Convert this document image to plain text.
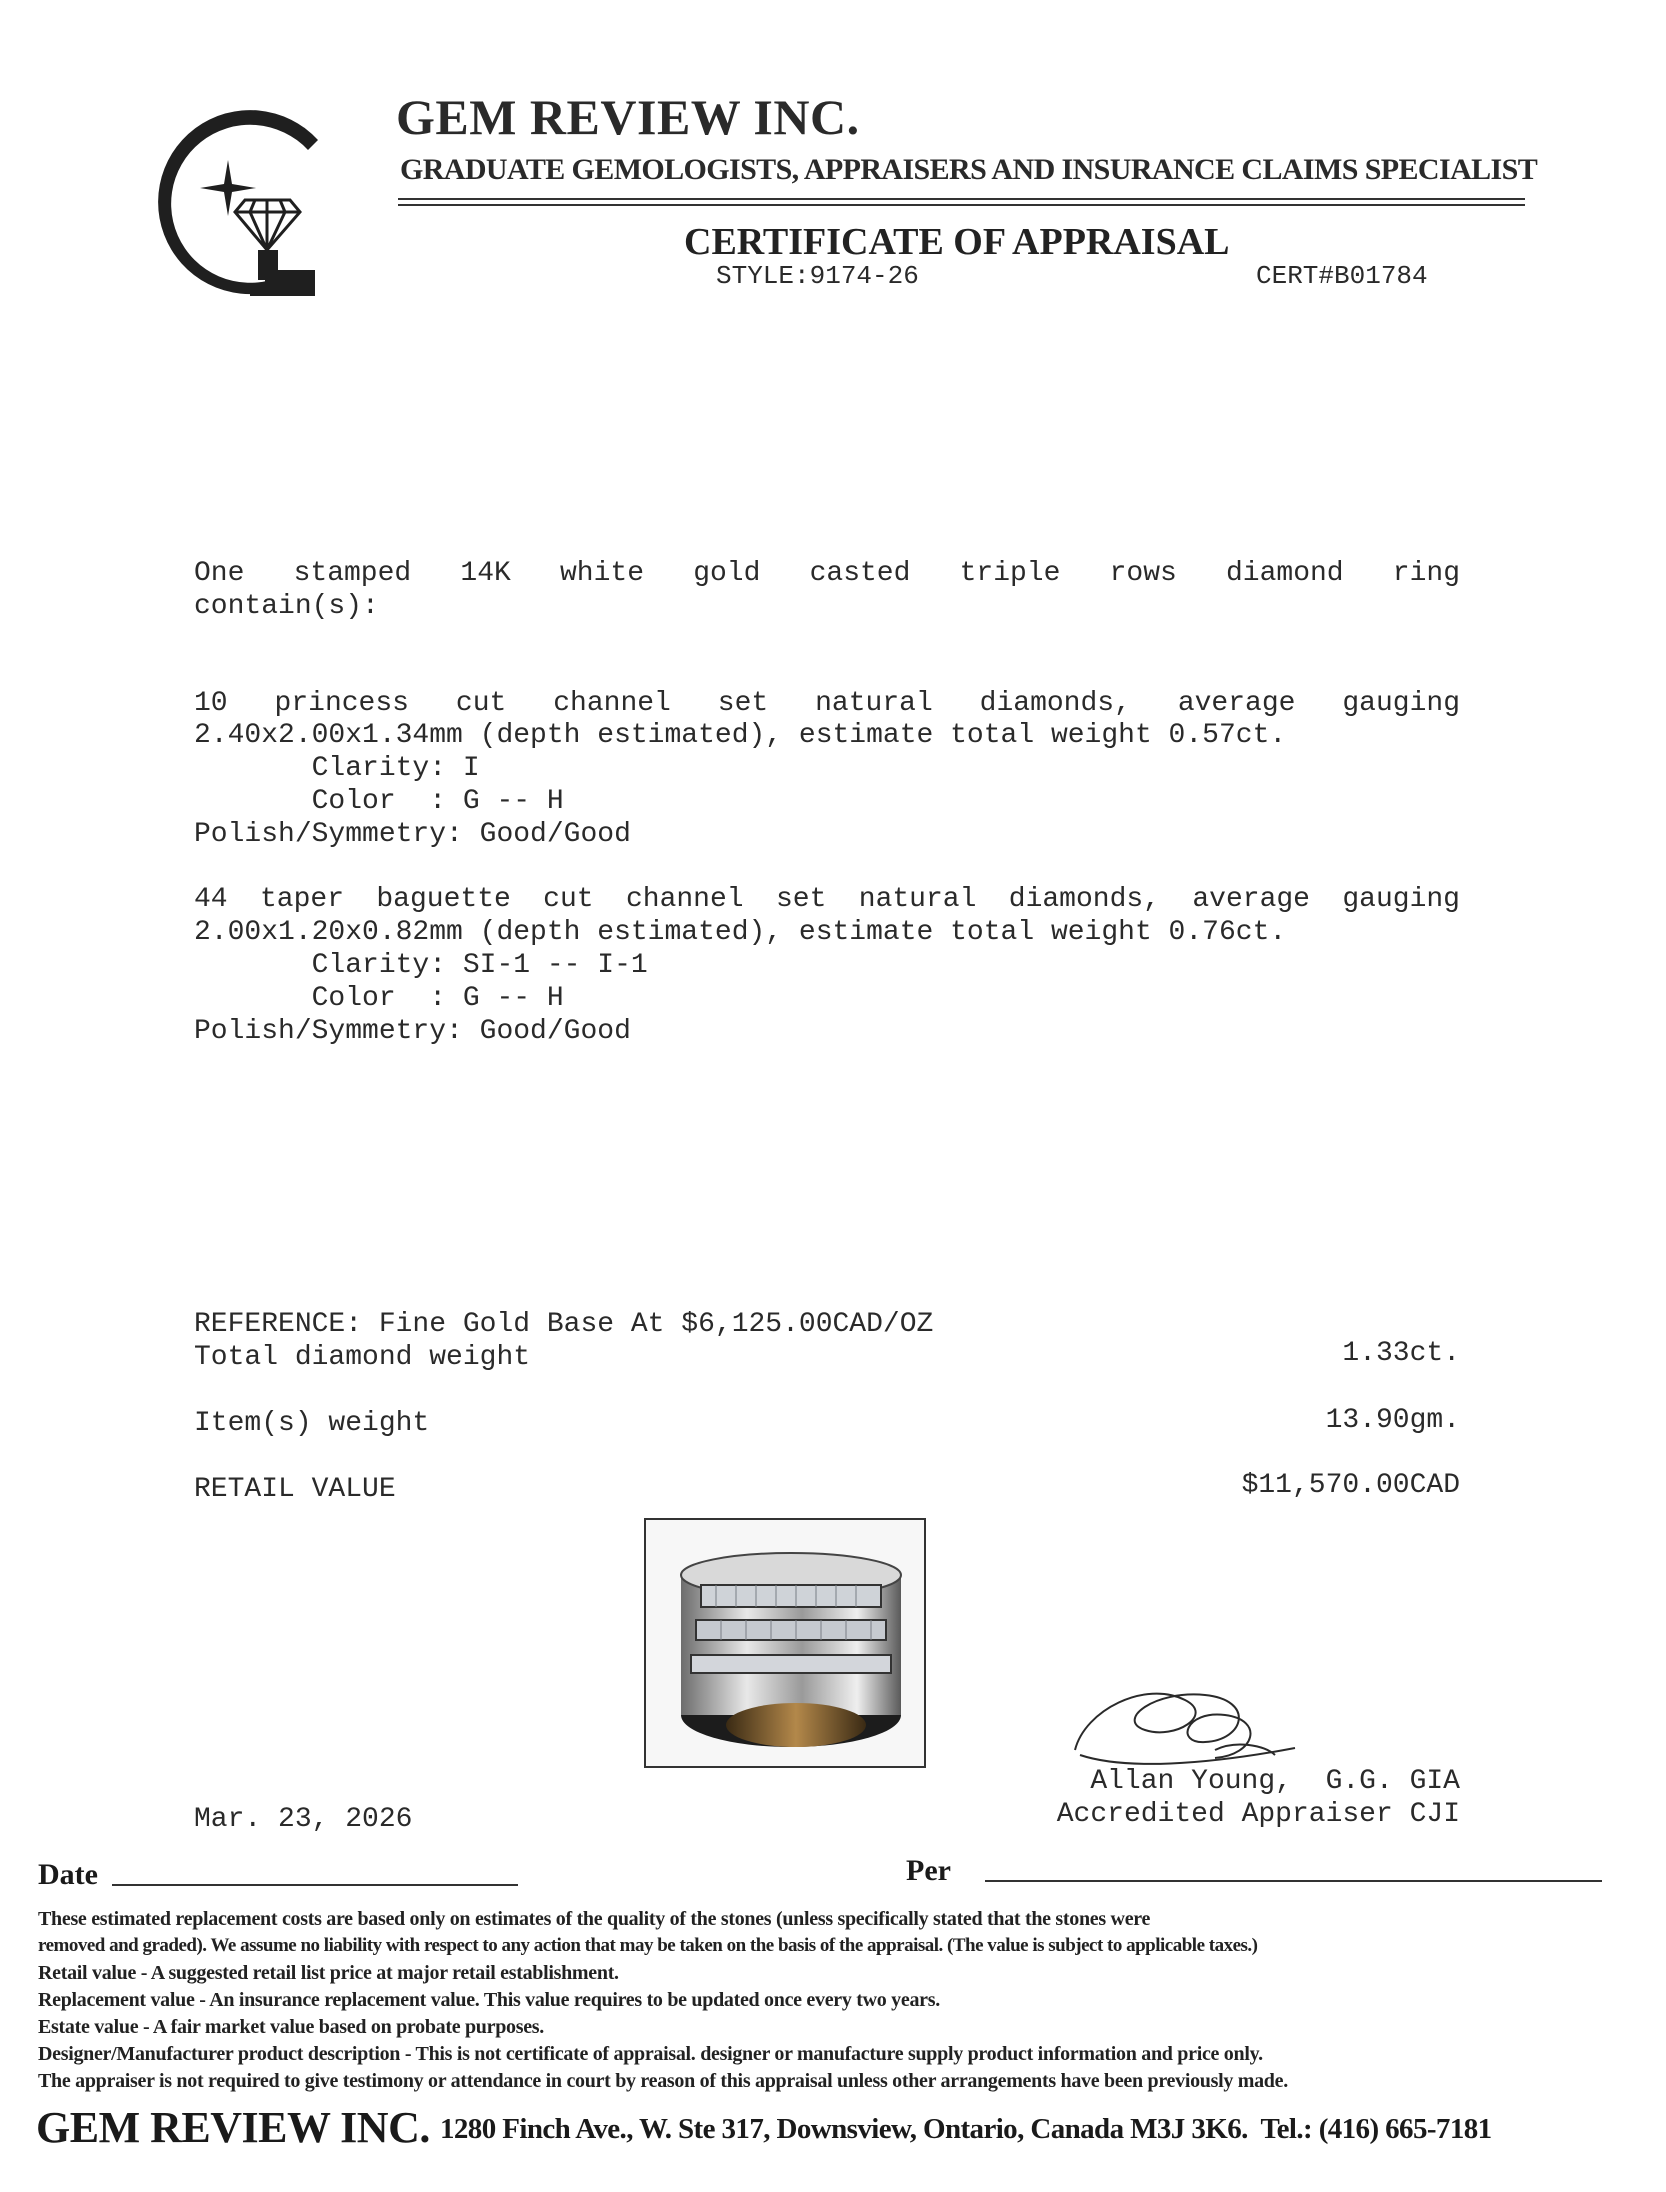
GEM REVIEW INC.
GRADUATE GEMOLOGISTS, APPRAISERS AND INSURANCE CLAIMS SPECIALIST
CERTIFICATE OF APPRAISAL
STYLE:9174-26	CERT#B01784
One stamped 14K white gold casted triple rows diamond ring
contain(s):
10 princess cut channel set natural diamonds, average gauging
2.40x2.00x1.34mm (depth estimated), estimate total weight 0.57ct.
Clarity: I
Color  : G -- H
Polish/Symmetry: Good/Good
44 taper baguette cut channel set natural diamonds, average gauging
2.00x1.20x0.82mm (depth estimated), estimate total weight 0.76ct.
Clarity: SI-1 -- I-1
Color  : G -- H
Polish/Symmetry: Good/Good
REFERENCE: Fine Gold Base At $6,125.00CAD/OZ
Total diamond weight	1.33ct.
Item(s) weight	13.90gm.
RETAIL VALUE	$11,570.00CAD
Allan Young,  G.G. GIA
Accredited Appraiser CJI
Mar. 23, 2026
Date	Per
These estimated replacement costs are based only on estimates of the quality of the stones (unless specifically stated that the stones were
removed and graded). We assume no liability with respect to any action that may be taken on the basis of the appraisal. (The value is subject to applicable taxes.)
Retail value - A suggested retail list price at major retail establishment.
Replacement value - An insurance replacement value. This value requires to be updated once every two years.
Estate value - A fair market value based on probate purposes.
Designer/Manufacturer product description - This is not certificate of appraisal. designer or manufacture supply product information and price only.
The appraiser is not required to give testimony or attendance in court by reason of this appraisal unless other arrangements have been previously made.
GEM REVIEW INC. 1280 Finch Ave., W. Ste 317, Downsview, Ontario, Canada M3J 3K6.  Tel.: (416) 665-7181
